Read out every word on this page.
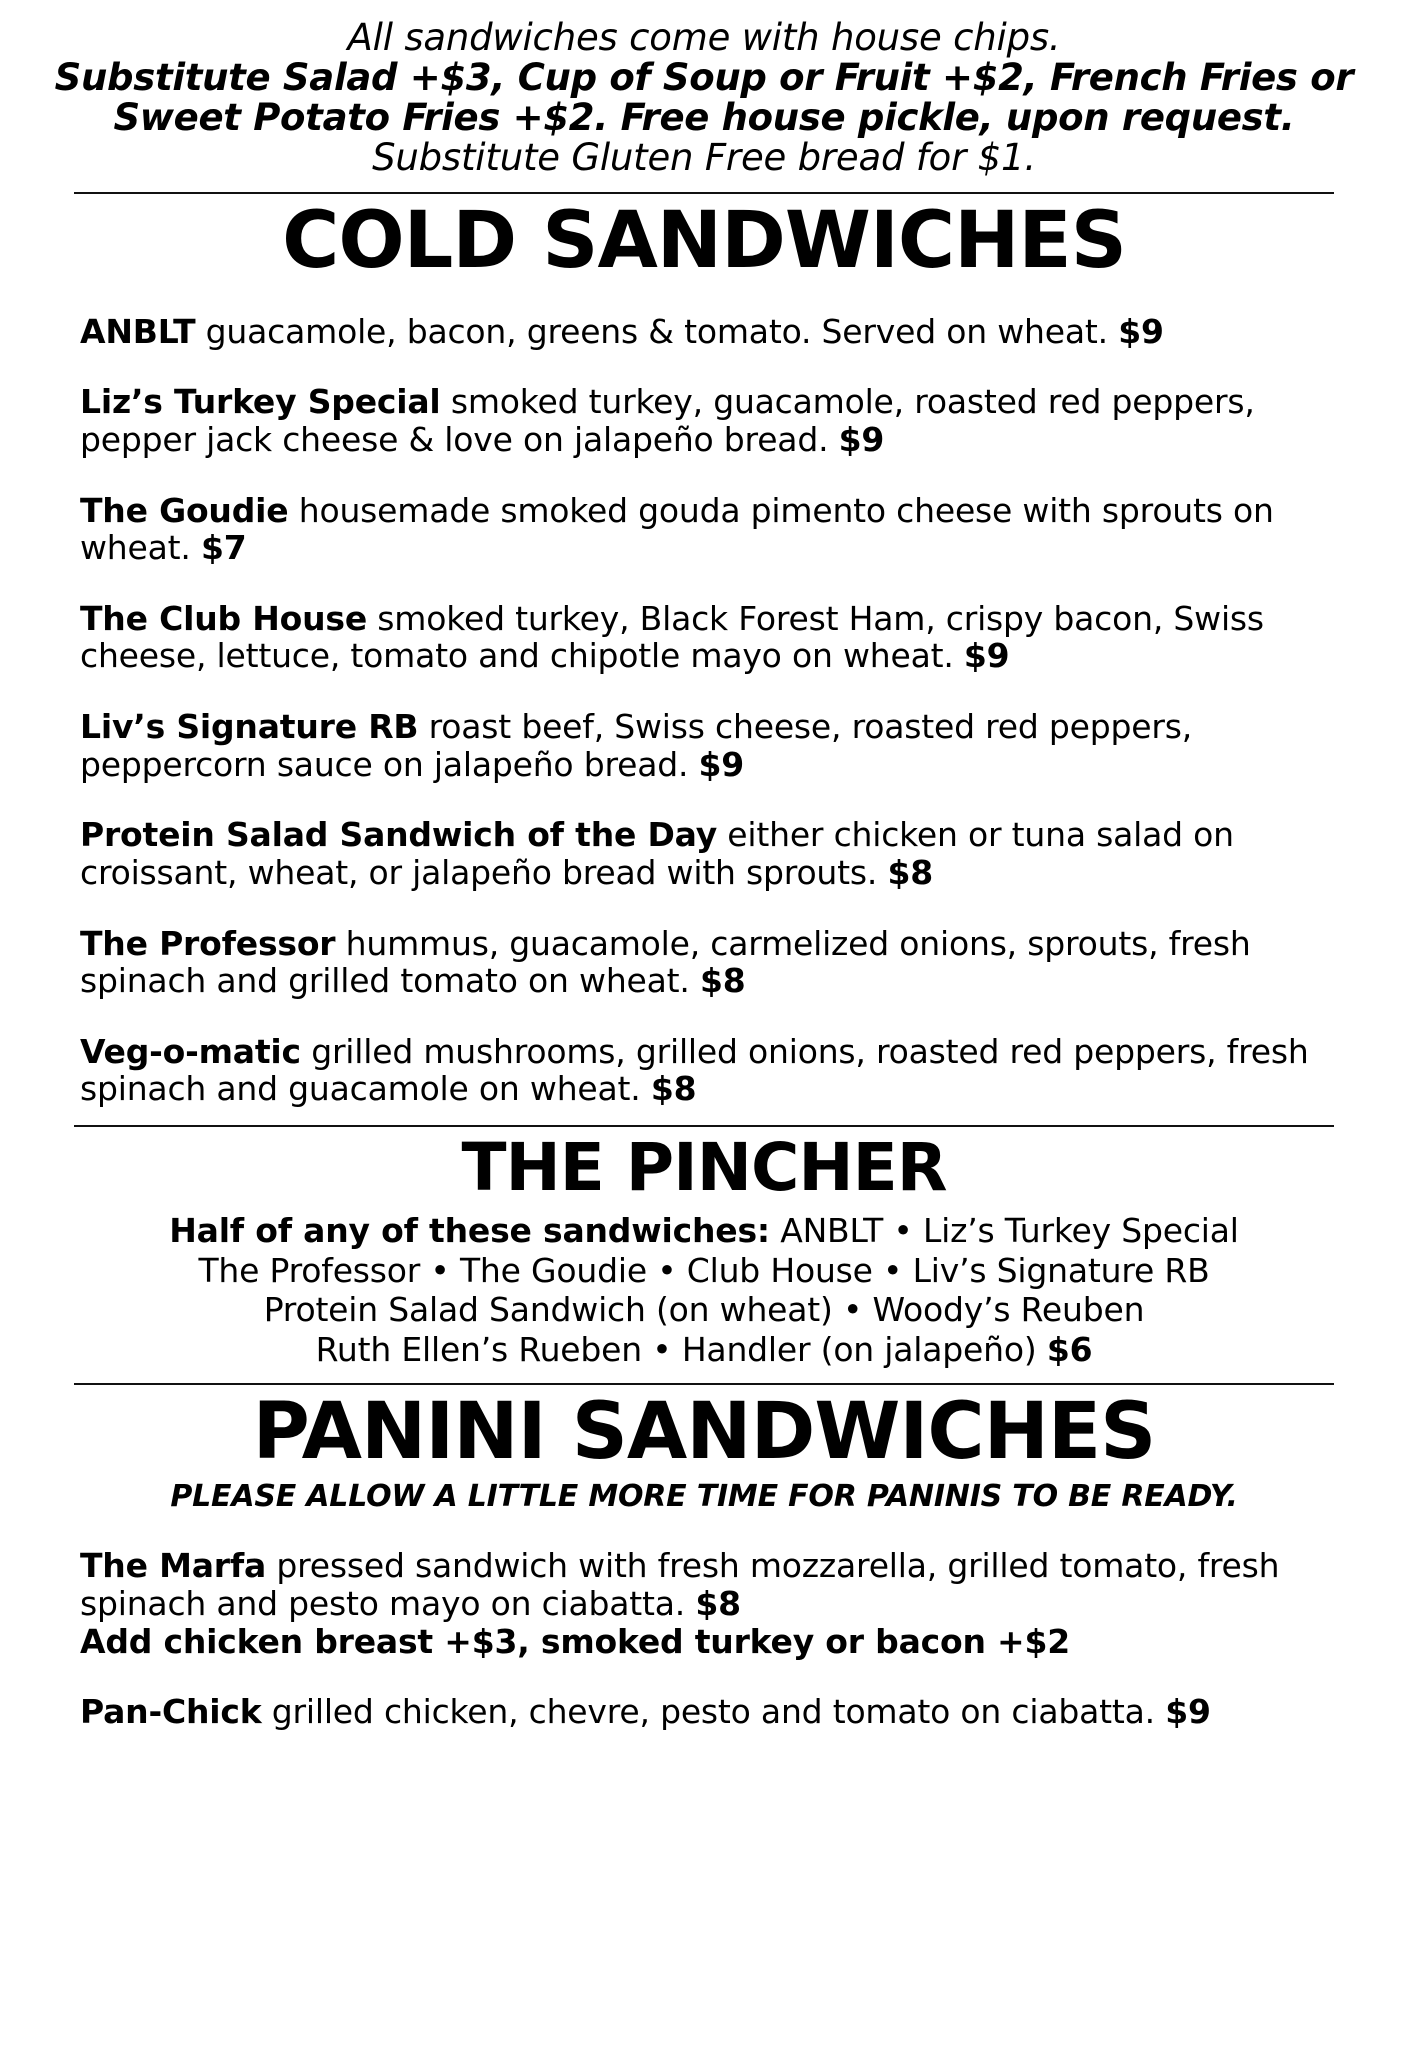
All sandwiches come with house chips.
Substitute Salad +$3, Cup of Soup or Fruit +$2, French Fries or
Sweet Potato Fries +$2. Free house pickle, upon request.
Substitute Gluten Free bread for $1.
COLD SANDWICHES

ANBLT guacamole, bacon, greens & tomato. Served on wheat. $9

Liz’s Turkey Special smoked turkey, guacamole, roasted red peppers, pepper jack cheese & love on jalapeño bread. $9

The Goudie housemade smoked gouda pimento cheese with sprouts on wheat. $7

The Club House smoked turkey, Black Forest Ham, crispy bacon, Swiss cheese, lettuce, tomato and chipotle mayo on wheat. $9

Liv’s Signature RB roast beef, Swiss cheese, roasted red peppers, peppercorn sauce on jalapeño bread. $9

Protein Salad Sandwich of the Day either chicken or tuna salad on croissant, wheat, or jalapeño bread with sprouts. $8

The Professor hummus, guacamole, carmelized onions, sprouts, fresh spinach and grilled tomato on wheat. $8

Veg-o-matic grilled mushrooms, grilled onions, roasted red peppers, fresh spinach and guacamole on wheat. $8

THE PINCHER
Half of any of these sandwiches: ANBLT • Liz’s Turkey Special
The Professor • The Goudie • Club House • Liv’s Signature RB
Protein Salad Sandwich (on wheat) • Woody’s Reuben
Ruth Ellen’s Rueben • Handler (on jalapeño) $6
PANINI SANDWICHES
PLEASE ALLOW A LITTLE MORE TIME FOR PANINIS TO BE READY.

The Marfa pressed sandwich with fresh mozzarella, grilled tomato, fresh spinach and pesto mayo on ciabatta. $8
Add chicken breast +$3, smoked turkey or bacon +$2

Pan-Chick grilled chicken, chevre, pesto and tomato on ciabatta. $9
